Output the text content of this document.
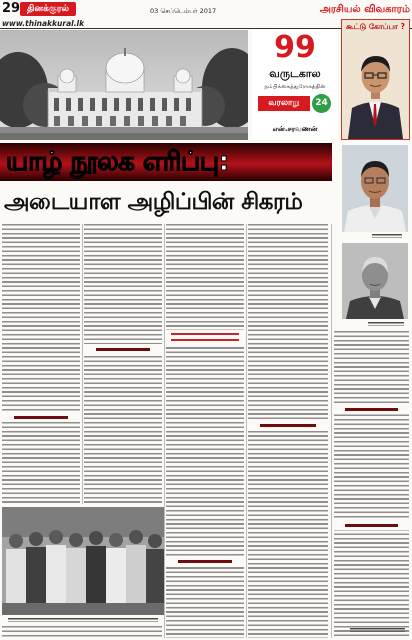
29 தினக்குரல்
www.thinakkural.lk
03 செப்டெம்பர் 2017	அரசியல் விவகாரம்
99
வருடகால
நம்பிக்கைத்துரோகத்தின்
வரலாறு	24
என்.சரவணன்
கூட்டு கோப்பா ?
யாழ் நூலக எரிப்பு:
அடையாள அழிப்பின் சிகரம்
